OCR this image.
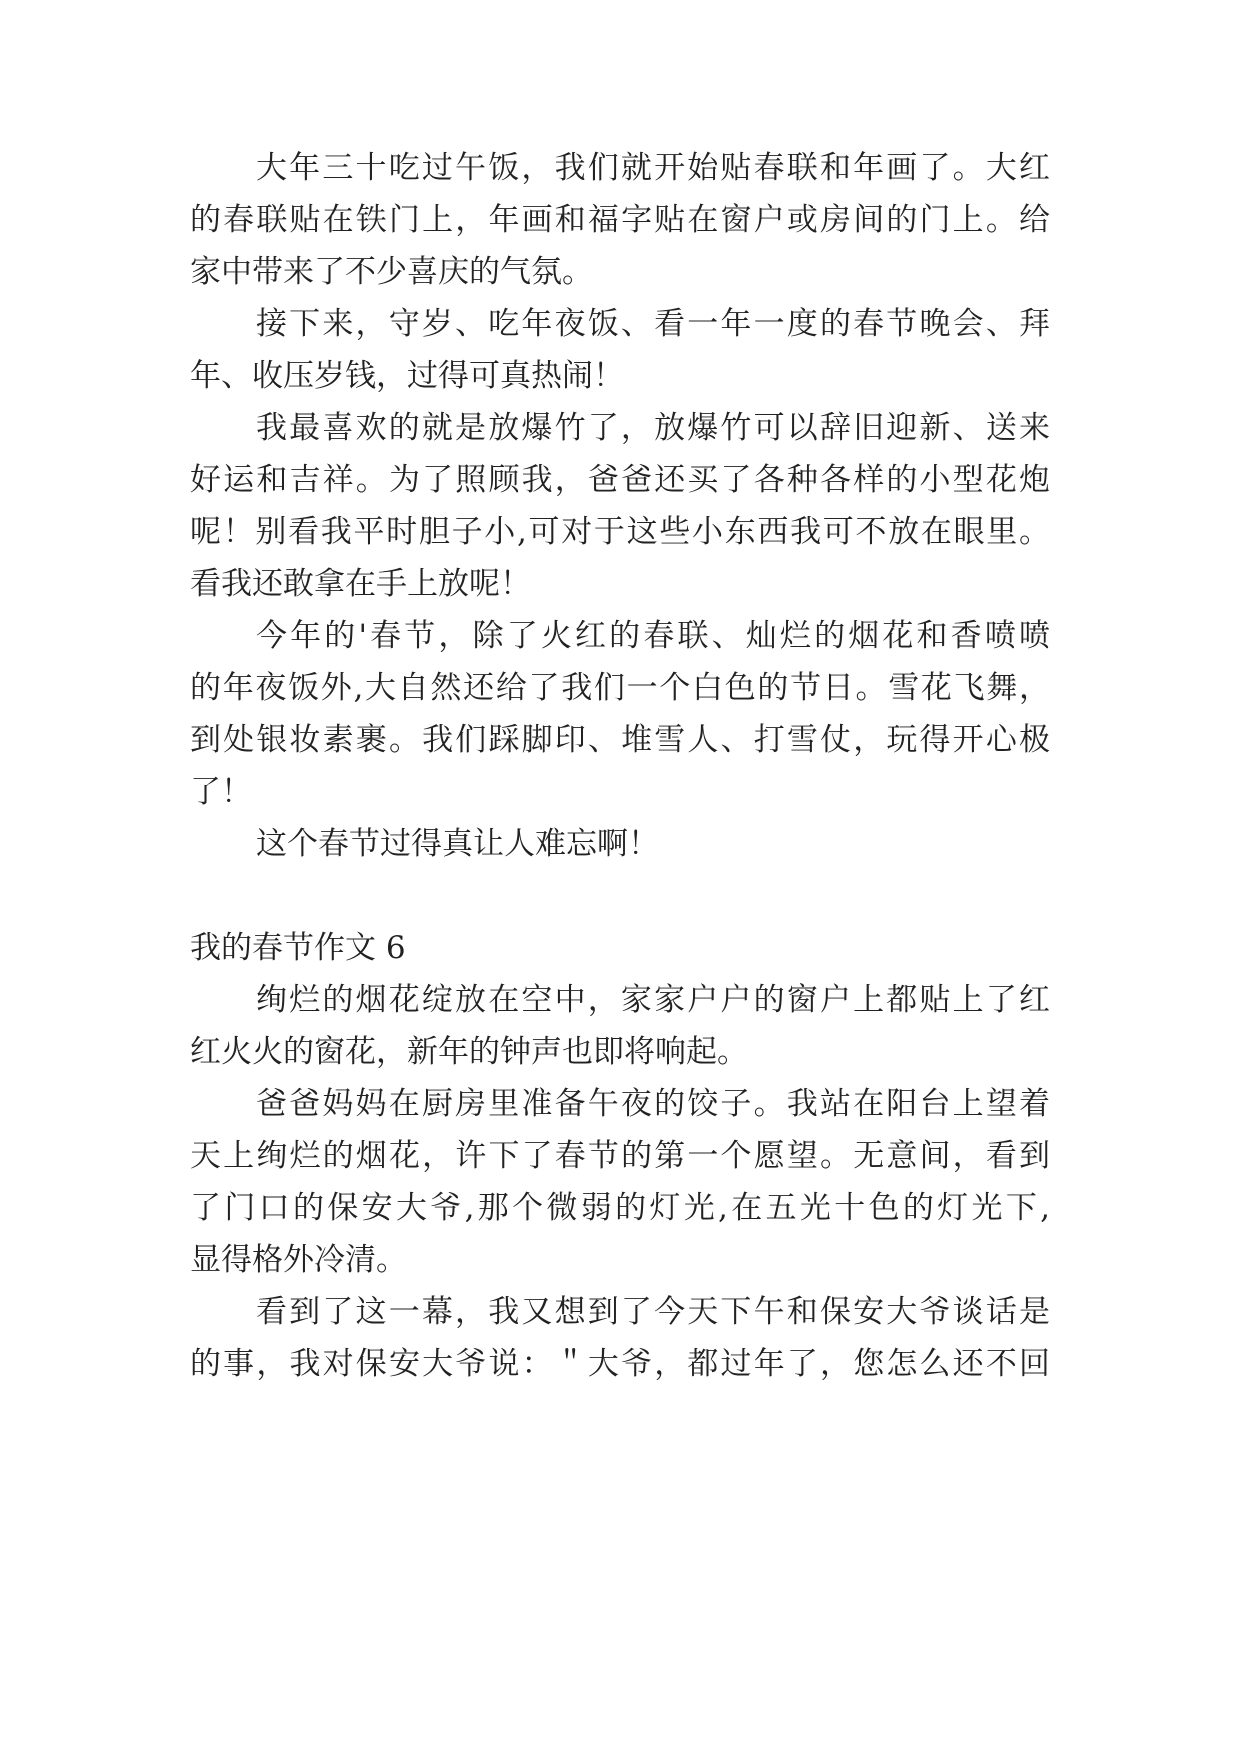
大年三十吃过午饭，我们就开始贴春联和年画了。大红
的春联贴在铁门上，年画和福字贴在窗户或房间的门上。给
家中带来了不少喜庆的气氛。
接下来，守岁、吃年夜饭、看一年一度的春节晚会、拜
年、收压岁钱，过得可真热闹！
我最喜欢的就是放爆竹了，放爆竹可以辞旧迎新、送来
好运和吉祥。为了照顾我，爸爸还买了各种各样的小型花炮
呢！别看我平时胆子小,可对于这些小东西我可不放在眼里。
看我还敢拿在手上放呢！
今年的'春节，除了火红的春联、灿烂的烟花和香喷喷
的年夜饭外,大自然还给了我们一个白色的节日。雪花飞舞，
到处银妆素裹。我们踩脚印、堆雪人、打雪仗，玩得开心极
了！
这个春节过得真让人难忘啊！
我的春节作文 6
绚烂的烟花绽放在空中，家家户户的窗户上都贴上了红
红火火的窗花，新年的钟声也即将响起。
爸爸妈妈在厨房里准备午夜的饺子。我站在阳台上望着
天上绚烂的烟花，许下了春节的第一个愿望。无意间，看到
了门口的保安大爷,那个微弱的灯光,在五光十色的灯光下,
显得格外冷清。
看到了这一幕，我又想到了今天下午和保安大爷谈话是
的事，我对保安大爷说：＂大爷，都过年了，您怎么还不回
